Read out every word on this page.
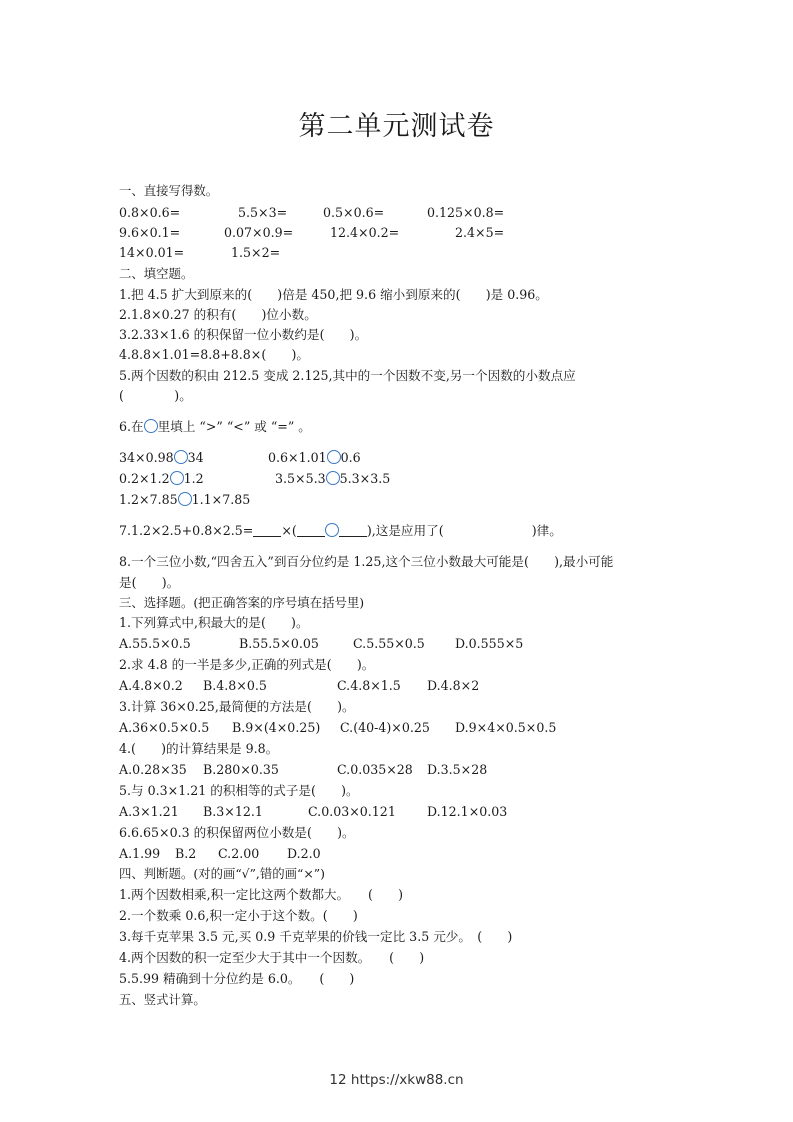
第二单元测试卷
一、直接写得数。
0.8×0.6=	5.5×3=	0.5×0.6=	0.125×0.8=
9.6×0.1=	0.07×0.9=	12.4×0.2=	2.4×5=
14×0.01=	1.5×2=
二、填空题。
1.把 4.5 扩大到原来的(　　)倍是 450,把 9.6 缩小到原来的(　　)是 0.96。
2.1.8×0.27 的积有(　　)位小数。
3.2.33×1.6 的积保留一位小数约是(　　)。
4.8.8×1.01=8.8+8.8×(　　)。
5.两个因数的积由 212.5 变成 2.125,其中的一个因数不变,另一个因数的小数点应
(　　　　)。
6.在 里填上 “>” “<” 或 “=” 。
34×0.98 34	0.6×1.01 0.6
0.2×1.2 1.2	3.5×5.3 5.3×3.5
1.2×7.85 1.1×7.85
7.1.2×2.5+0.8×2.5= ×(	),这是应用了(　　　　　　　)律。
8.一个三位小数,“四舍五入”到百分位约是 1.25,这个三位小数最大可能是(　　),最小可能
是(　　)。
三、选择题。(把正确答案的序号填在括号里)
1.下列算式中,积最大的是(　　)。
A.55.5×0.5	B.55.5×0.05	C.5.55×0.5 D.0.555×5
2.求 4.8 的一半是多少,正确的列式是(　　)。
A.4.8×0.2 B.4.8×0.5	C.4.8×1.5 D.4.8×2
3.计算 36×0.25,最简便的方法是(　　)。
A.36×0.5×0.5 B.9×(4×0.25) C.(40-4)×0.25 D.9×4×0.5×0.5
4.(　　)的计算结果是 9.8。
A.0.28×35 B.280×0.35	C.0.035×28 D.3.5×28
5.与 0.3×1.21 的积相等的式子是(　　)。
A.3×1.21 B.3×12.1	C.0.03×0.121 D.12.1×0.03
6.6.65×0.3 的积保留两位小数是(　　)。
A.1.99 B.2 C.2.00 D.2.0
四、判断题。(对的画“√”,错的画“×”)
1.两个因数相乘,积一定比这两个数都大。　　(　　)
2.一个数乘 0.6,积一定小于这个数。(　　)
3.每千克苹果 3.5 元,买 0.9 千克苹果的价钱一定比 3.5 元少。　(　　)
4.两个因数的积一定至少大于其中一个因数。　　(　　)
5.5.99 精确到十分位约是 6.0。　　(　　)
五、竖式计算。
12 https://xkw88.cn
